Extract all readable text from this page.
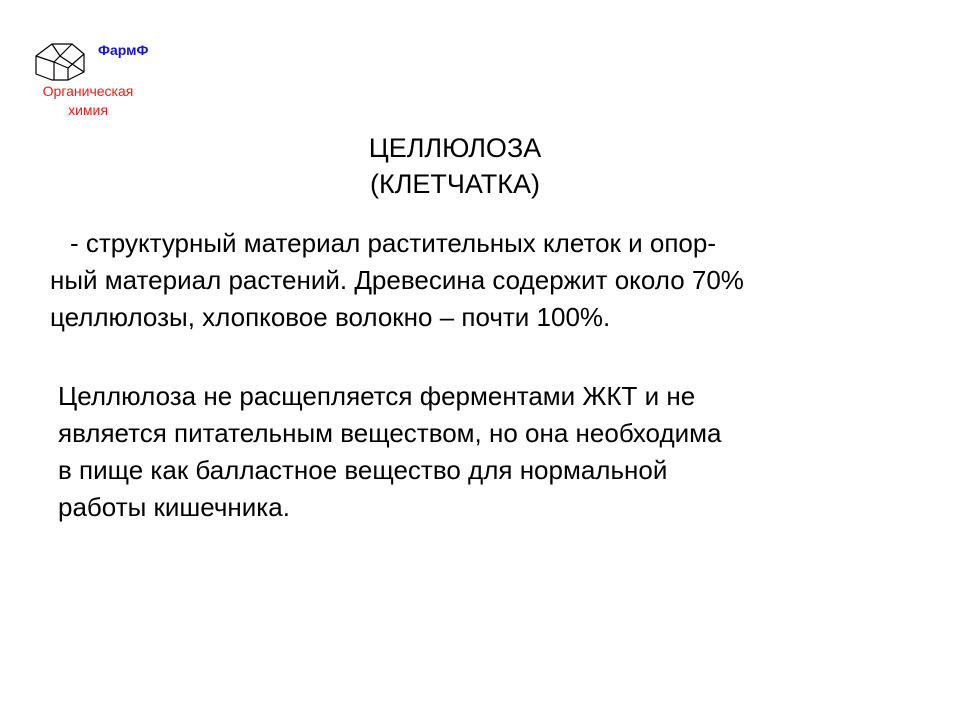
ФармФ
Органическая
химия
ЦЕЛЛЮЛОЗА
(КЛЕТЧАТКА)
- структурный материал растительных клеток и опор-
ный материал растений. Древесина содержит около 70%
целлюлозы, хлопковое волокно – почти 100%.
Целлюлоза не расщепляется ферментами ЖКТ и не
является питательным веществом, но она необходима
в пище как балластное вещество для нормальной
работы кишечника.
